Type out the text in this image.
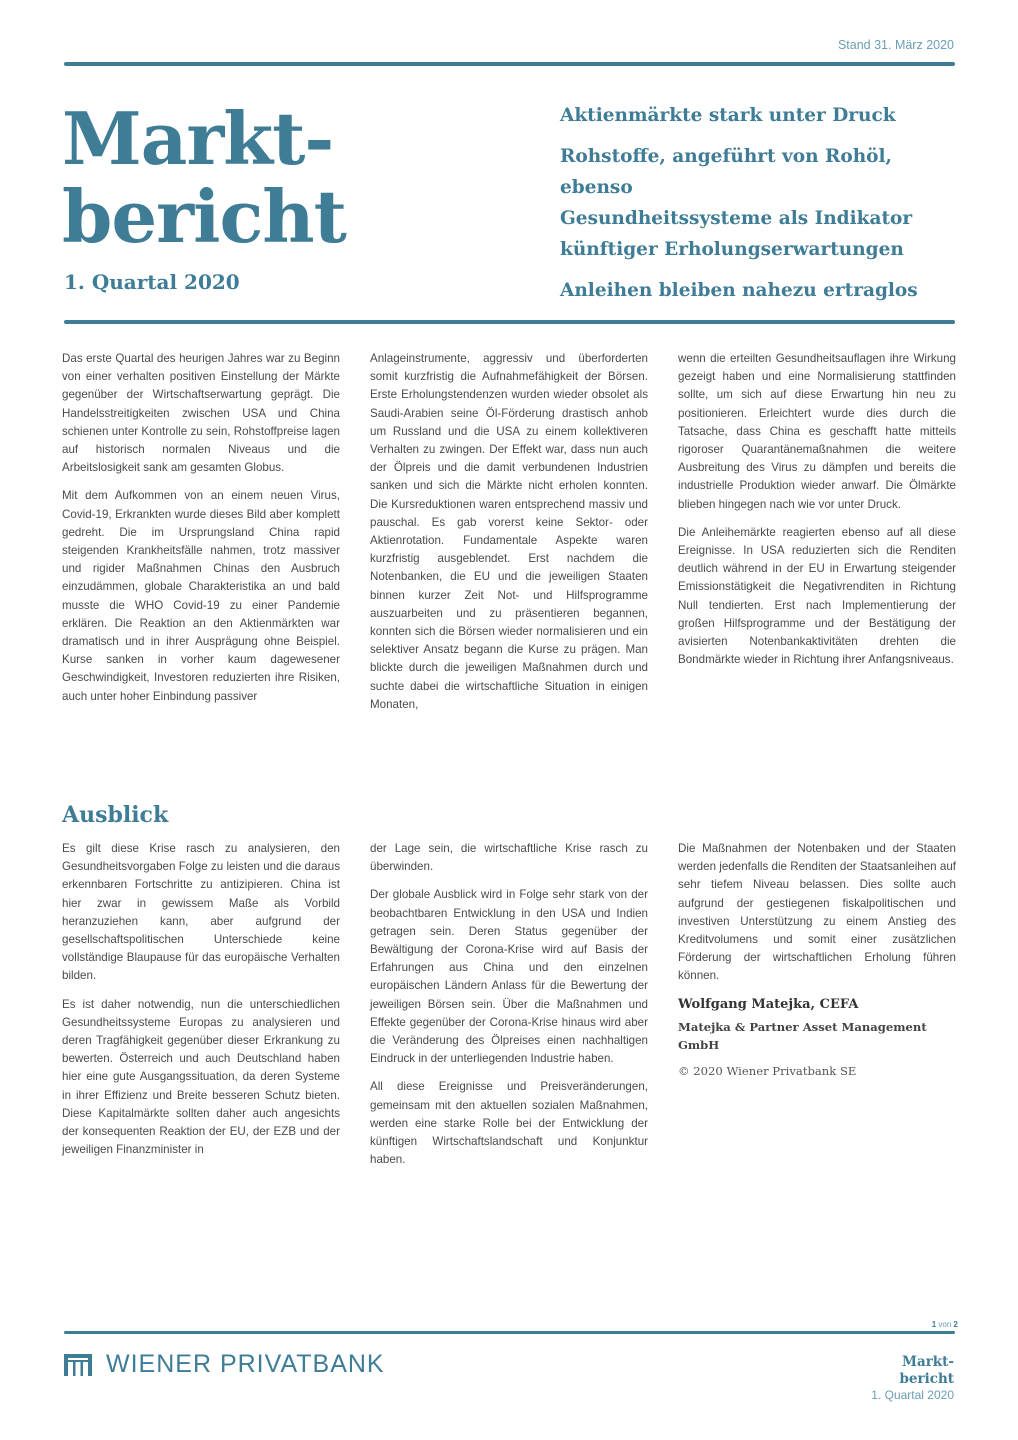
Stand 31. März 2020
Markt-
bericht
1. Quartal 2020
Aktienmärkte stark unter Druck
Rohstoffe, angeführt von Rohöl, ebenso
Gesundheitssysteme als Indikator künftiger Erholungserwartungen
Anleihen bleiben nahezu ertraglos

Das erste Quartal des heurigen Jahres war zu Beginn von einer verhalten positiven Einstellung der Märkte gegenüber der Wirtschaftserwartung geprägt. Die Handelsstreitigkeiten zwischen USA und China schienen unter Kontrolle zu sein, Rohstoffpreise lagen auf historisch normalen Niveaus und die Arbeitslosigkeit sank am gesamten Globus.

Mit dem Aufkommen von an einem neuen Virus, Covid-19, Erkrankten wurde dieses Bild aber komplett gedreht. Die im Ursprungsland China rapid steigenden Krankheitsfälle nahmen, trotz massiver und rigider Maßnahmen Chinas den Ausbruch einzudämmen, globale Charakteristika an und bald musste die WHO Covid-19 zu einer Pandemie erklären. Die Reaktion an den Aktienmärkten war dramatisch und in ihrer Ausprägung ohne Beispiel. Kurse sanken in vorher kaum dagewesener Geschwindigkeit, Investoren reduzierten ihre Risiken, auch unter hoher Einbindung passiver

Anlageinstrumente, aggressiv und überforderten somit kurzfristig die Aufnahmefähigkeit der Börsen. Erste Erholungstendenzen wurden wieder obsolet als Saudi-Arabien seine Öl-Förderung drastisch anhob um Russland und die USA zu einem kollektiveren Verhalten zu zwingen. Der Effekt war, dass nun auch der Ölpreis und die damit verbundenen Industrien sanken und sich die Märkte nicht erholen konnten. Die Kursreduktionen waren entsprechend massiv und pauschal. Es gab vorerst keine Sektor- oder Aktienrotation. Fundamentale Aspekte waren kurzfristig ausgeblendet. Erst nachdem die Notenbanken, die EU und die jeweiligen Staaten binnen kurzer Zeit Not- und Hilfsprogramme auszuarbeiten und zu präsentieren begannen, konnten sich die Börsen wieder normalisieren und ein selektiver Ansatz begann die Kurse zu prägen. Man blickte durch die jeweiligen Maßnahmen durch und suchte dabei die wirtschaftliche Situation in einigen Monaten,

wenn die erteilten Gesundheitsauflagen ihre Wirkung gezeigt haben und eine Normalisierung stattfinden sollte, um sich auf diese Erwartung hin neu zu positionieren. Erleichtert wurde dies durch die Tatsache, dass China es geschafft hatte mitteils rigoroser Quarantänemaßnahmen die weitere Ausbreitung des Virus zu dämpfen und bereits die industrielle Produktion wieder anwarf. Die Ölmärkte blieben hingegen nach wie vor unter Druck.

Die Anleihemärkte reagierten ebenso auf all diese Ereignisse. In USA reduzierten sich die Renditen deutlich während in der EU in Erwartung steigender Emissionstätigkeit die Negativrenditen in Richtung Null tendierten. Erst nach Implementierung der großen Hilfsprogramme und der Bestätigung der avisierten Notenbankaktivitäten drehten die Bondmärkte wieder in Richtung ihrer Anfangsniveaus.

Ausblick

Es gilt diese Krise rasch zu analysieren, den Gesundheitsvorgaben Folge zu leisten und die daraus erkennbaren Fortschritte zu antizipieren. China ist hier zwar in gewissem Maße als Vorbild heranzuziehen kann, aber aufgrund der gesellschaftspolitischen Unterschiede keine vollständige Blaupause für das europäische Verhalten bilden.

Es ist daher notwendig, nun die unterschiedlichen Gesundheitssysteme Europas zu analysieren und deren Tragfähigkeit gegenüber dieser Erkrankung zu bewerten. Österreich und auch Deutschland haben hier eine gute Ausgangssituation, da deren Systeme in ihrer Effizienz und Breite besseren Schutz bieten. Diese Kapitalmärkte sollten daher auch angesichts der konsequenten Reaktion der EU, der EZB und der jeweiligen Finanzminister in

der Lage sein, die wirtschaftliche Krise rasch zu überwinden.

Der globale Ausblick wird in Folge sehr stark von der beobachtbaren Entwicklung in den USA und Indien getragen sein. Deren Status gegenüber der Bewältigung der Corona-Krise wird auf Basis der Erfahrungen aus China und den einzelnen europäischen Ländern Anlass für die Bewertung der jeweiligen Börsen sein. Über die Maßnahmen und Effekte gegenüber der Corona-Krise hinaus wird aber die Veränderung des Ölpreises einen nachhaltigen Eindruck in der unterliegenden Industrie haben.

All diese Ereignisse und Preisveränderungen, gemeinsam mit den aktuellen sozialen Maßnahmen, werden eine starke Rolle bei der Entwicklung der künftigen Wirtschaftslandschaft und Konjunktur haben.

Die Maßnahmen der Notenbaken und der Staaten werden jedenfalls die Renditen der Staatsanleihen auf sehr tiefem Niveau belassen. Dies sollte auch aufgrund der gestiegenen fiskalpolitischen und investiven Unterstützung zu einem Anstieg des Kreditvolumens und somit einer zusätzlichen Förderung der wirtschaftlichen Erholung führen können.

Wolfgang Matejka, CEFA
Matejka & Partner Asset Management GmbH
© 2020 Wiener Privatbank SE
1 von 2
WIENER PRIVATBANK	Markt-
bericht
1. Quartal 2020
